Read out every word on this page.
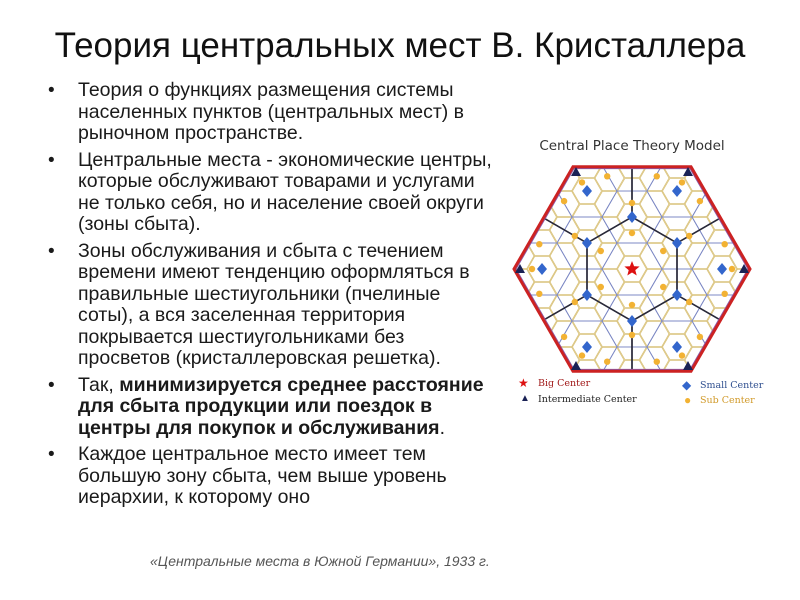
Теория центральных мест В. Кристаллера
• Теория о функциях размещения системы населенных пунктов (центральных мест) в рыночном пространстве.
• Центральные места - экономические центры, которые обслуживают товарами и услугами не только себя, но и население своей округи (зоны сбыта).
• Зоны обслуживания и сбыта с течением времени имеют тенденцию оформляться в правильные шестиугольники (пчелиные соты), а вся заселенная территория покрывается шестиугольниками без просветов (кристаллеровская решетка).
• Так, минимизируется среднее расстояние для сбыта продукции или поездок в центры для покупок и обслуживания.
• Каждое центральное место имеет тем большую зону сбыта, чем выше уровень иерархии, к которому оно
«Центральные места в Южной Германии», 1933 г.
Central Place Theory Model
★ Big Center
▲ Intermediate Center
◆ Small Center
● Sub Center
